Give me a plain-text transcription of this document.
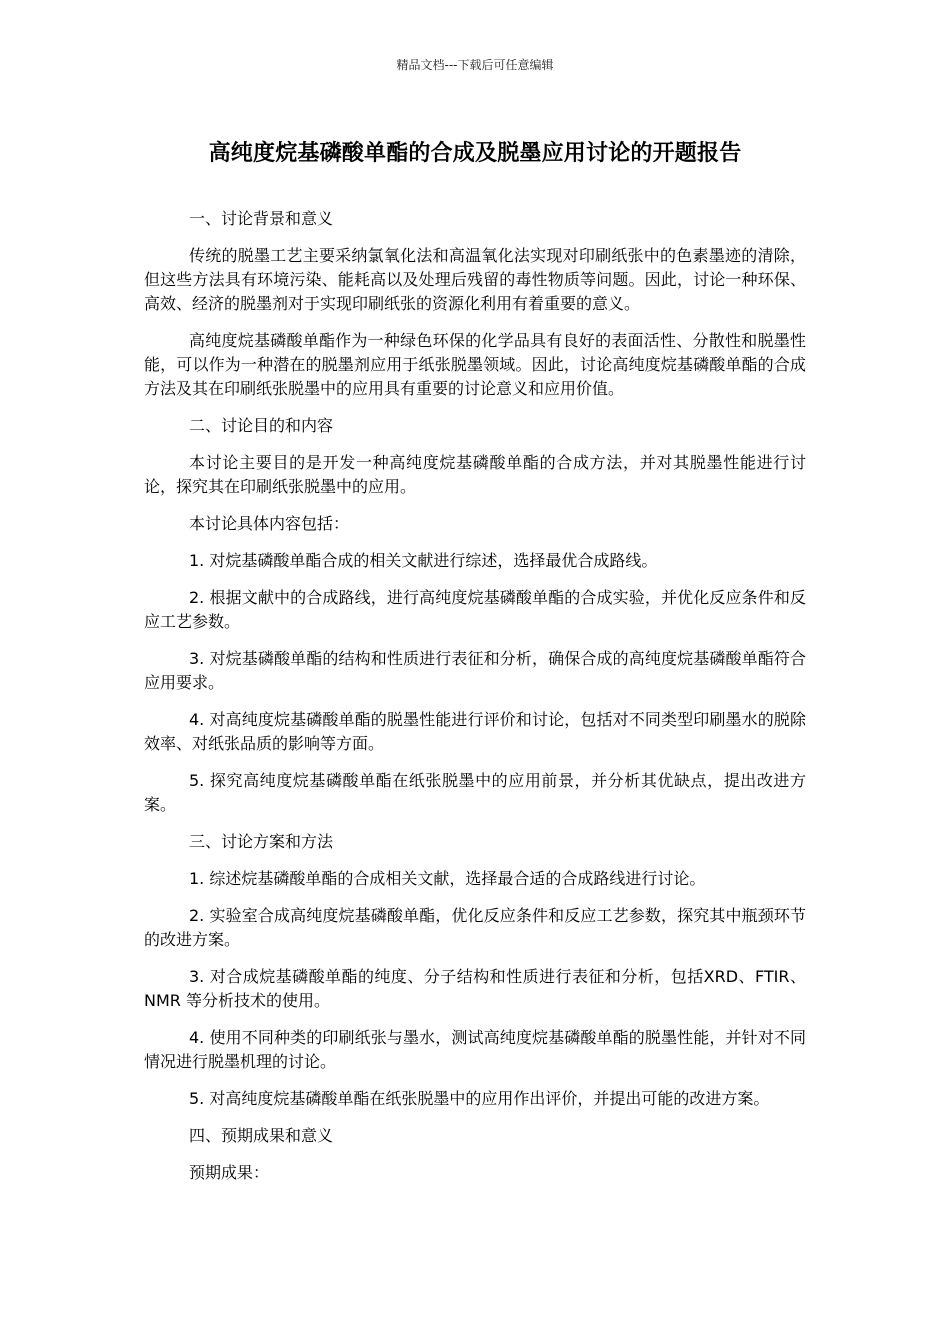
精品文档---下载后可任意编辑
高纯度烷基磷酸单酯的合成及脱墨应用讨论的开题报告

一、讨论背景和意义

传统的脱墨工艺主要采纳氯氧化法和高温氧化法实现对印刷纸张中的色素墨迹的清除，但这些方法具有环境污染、能耗高以及处理后残留的毒性物质等问题。因此，讨论一种环保、高效、经济的脱墨剂对于实现印刷纸张的资源化利用有着重要的意义。

高纯度烷基磷酸单酯作为一种绿色环保的化学品具有良好的表面活性、分散性和脱墨性能，可以作为一种潜在的脱墨剂应用于纸张脱墨领域。因此，讨论高纯度烷基磷酸单酯的合成方法及其在印刷纸张脱墨中的应用具有重要的讨论意义和应用价值。

二、讨论目的和内容

本讨论主要目的是开发一种高纯度烷基磷酸单酯的合成方法，并对其脱墨性能进行讨论，探究其在印刷纸张脱墨中的应用。

本讨论具体内容包括：

1. 对烷基磷酸单酯合成的相关文献进行综述，选择最优合成路线。

2. 根据文献中的合成路线，进行高纯度烷基磷酸单酯的合成实验，并优化反应条件和反应工艺参数。

3. 对烷基磷酸单酯的结构和性质进行表征和分析，确保合成的高纯度烷基磷酸单酯符合应用要求。

4. 对高纯度烷基磷酸单酯的脱墨性能进行评价和讨论，包括对不同类型印刷墨水的脱除效率、对纸张品质的影响等方面。

5. 探究高纯度烷基磷酸单酯在纸张脱墨中的应用前景，并分析其优缺点，提出改进方案。

三、讨论方案和方法

1. 综述烷基磷酸单酯的合成相关文献，选择最合适的合成路线进行讨论。

2. 实验室合成高纯度烷基磷酸单酯，优化反应条件和反应工艺参数，探究其中瓶颈环节的改进方案。

3. 对合成烷基磷酸单酯的纯度、分子结构和性质进行表征和分析，包括XRD、FTIR、NMR 等分析技术的使用。

4. 使用不同种类的印刷纸张与墨水，测试高纯度烷基磷酸单酯的脱墨性能，并针对不同情况进行脱墨机理的讨论。

5. 对高纯度烷基磷酸单酯在纸张脱墨中的应用作出评价，并提出可能的改进方案。

四、预期成果和意义

预期成果：
